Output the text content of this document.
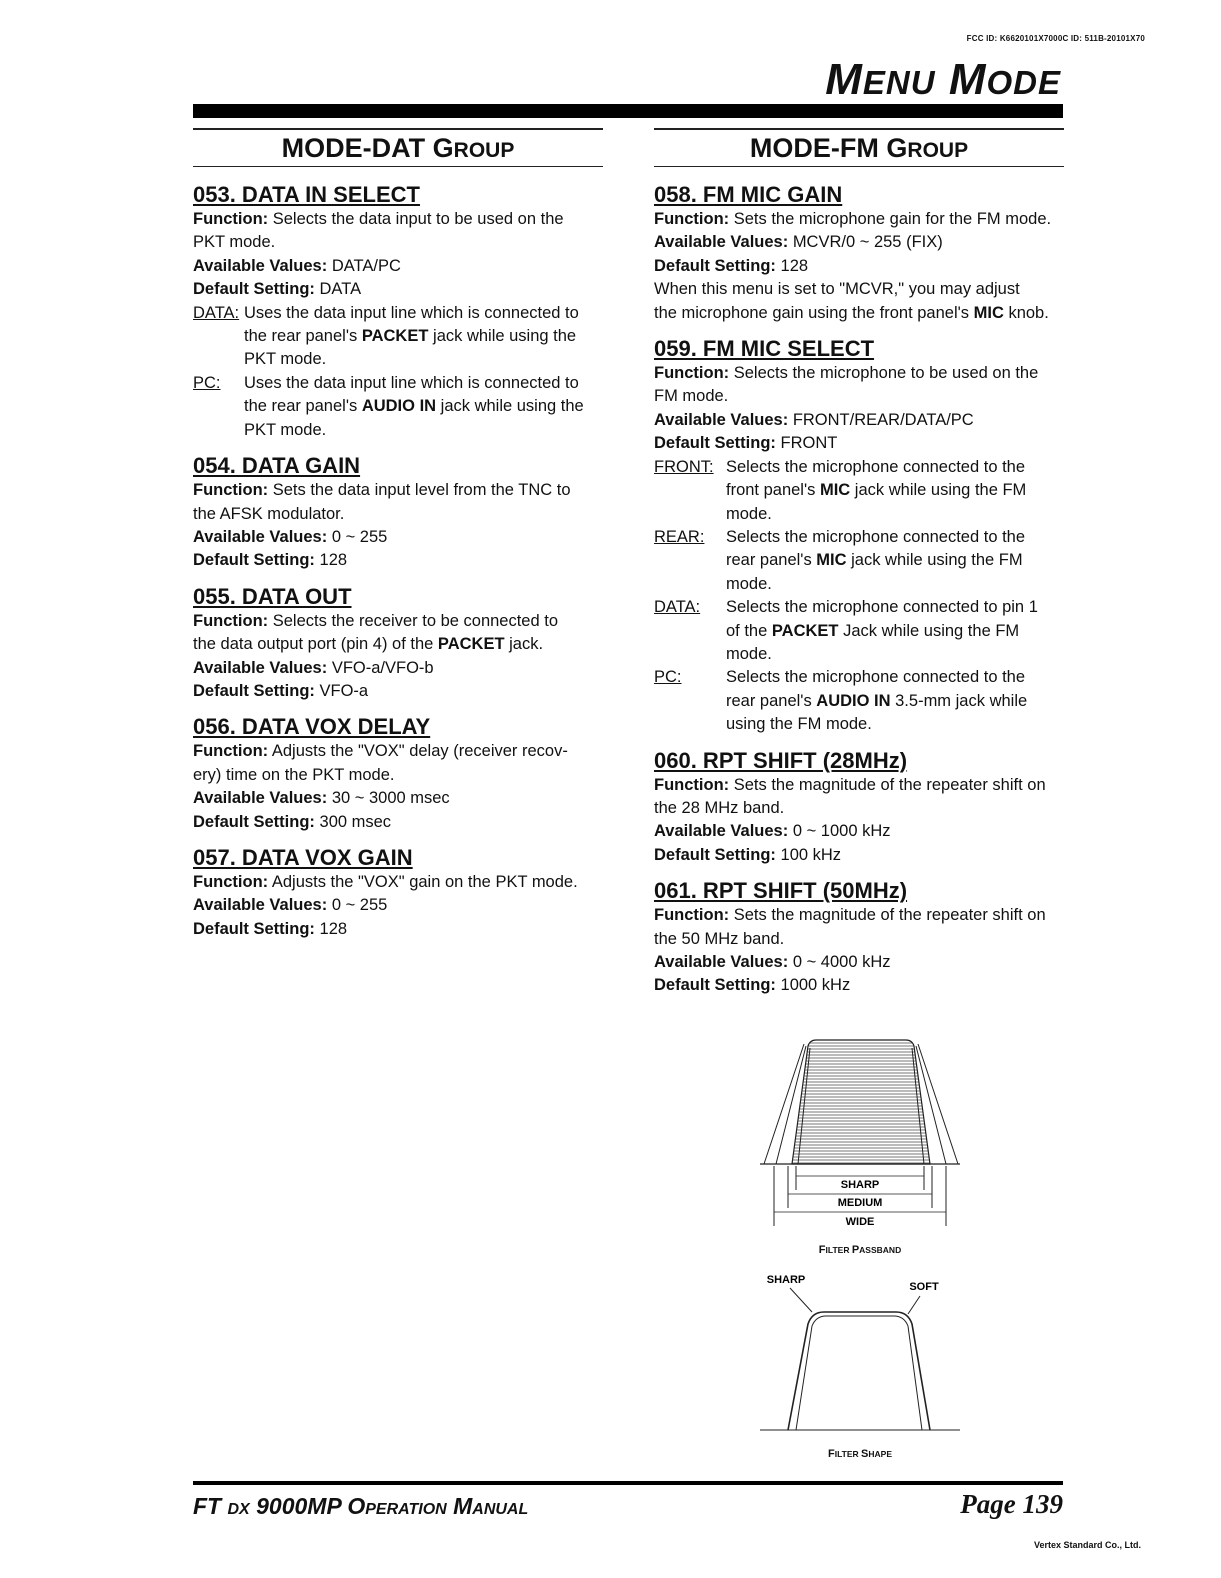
FCC ID: K6620101X7000C ID: 511B-20101X70
MENU MODE
MODE-DAT GROUP
053. DATA IN SELECT
Function: Selects the data input to be used on the
PKT mode.
Available Values: DATA/PC
Default Setting: DATA
DATA: Uses the data input line which is connected to
the rear panel's PACKET jack while using the
PKT mode.
PC:	Uses the data input line which is connected to
the rear panel's AUDIO IN jack while using the
PKT mode.
054. DATA GAIN
Function: Sets the data input level from the TNC to
the AFSK modulator.
Available Values: 0 ~ 255
Default Setting: 128
055. DATA OUT
Function: Selects the receiver to be connected to
the data output port (pin 4) of the PACKET jack.
Available Values: VFO-a/VFO-b
Default Setting: VFO-a
056. DATA VOX DELAY
Function: Adjusts the "VOX" delay (receiver recov-
ery) time on the PKT mode.
Available Values: 30 ~ 3000 msec
Default Setting: 300 msec
057. DATA VOX GAIN
Function: Adjusts the "VOX" gain on the PKT mode.
Available Values: 0 ~ 255
Default Setting: 128
MODE-FM GROUP
058. FM MIC GAIN
Function: Sets the microphone gain for the FM mode.
Available Values: MCVR/0 ~ 255 (FIX)
Default Setting: 128
When this menu is set to "MCVR," you may adjust
the microphone gain using the front panel's MIC knob.
059. FM MIC SELECT
Function: Selects the microphone to be used on the
FM mode.
Available Values: FRONT/REAR/DATA/PC
Default Setting: FRONT
FRONT: Selects the microphone connected to the
front panel's MIC jack while using the FM
mode.
REAR:	Selects the microphone connected to the
rear panel's MIC jack while using the FM
mode.
DATA:	Selects the microphone connected to pin 1
of the PACKET Jack while using the FM
mode.
PC:	Selects the microphone connected to the
rear panel's AUDIO IN 3.5-mm jack while
using the FM mode.
060. RPT SHIFT (28MHz)
Function: Sets the magnitude of the repeater shift on
the 28 MHz band.
Available Values: 0 ~ 1000 kHz
Default Setting: 100 kHz
061. RPT SHIFT (50MHz)
Function: Sets the magnitude of the repeater shift on
the 50 MHz band.
Available Values: 0 ~ 4000 kHz
Default Setting: 1000 kHz
SHARP
MEDIUM
WIDE
FILTER PASSBAND
SHARP
SOFT
FILTER SHAPE
FT DX 9000MP OPERATION MANUAL	Page 139
Vertex Standard Co., Ltd.
